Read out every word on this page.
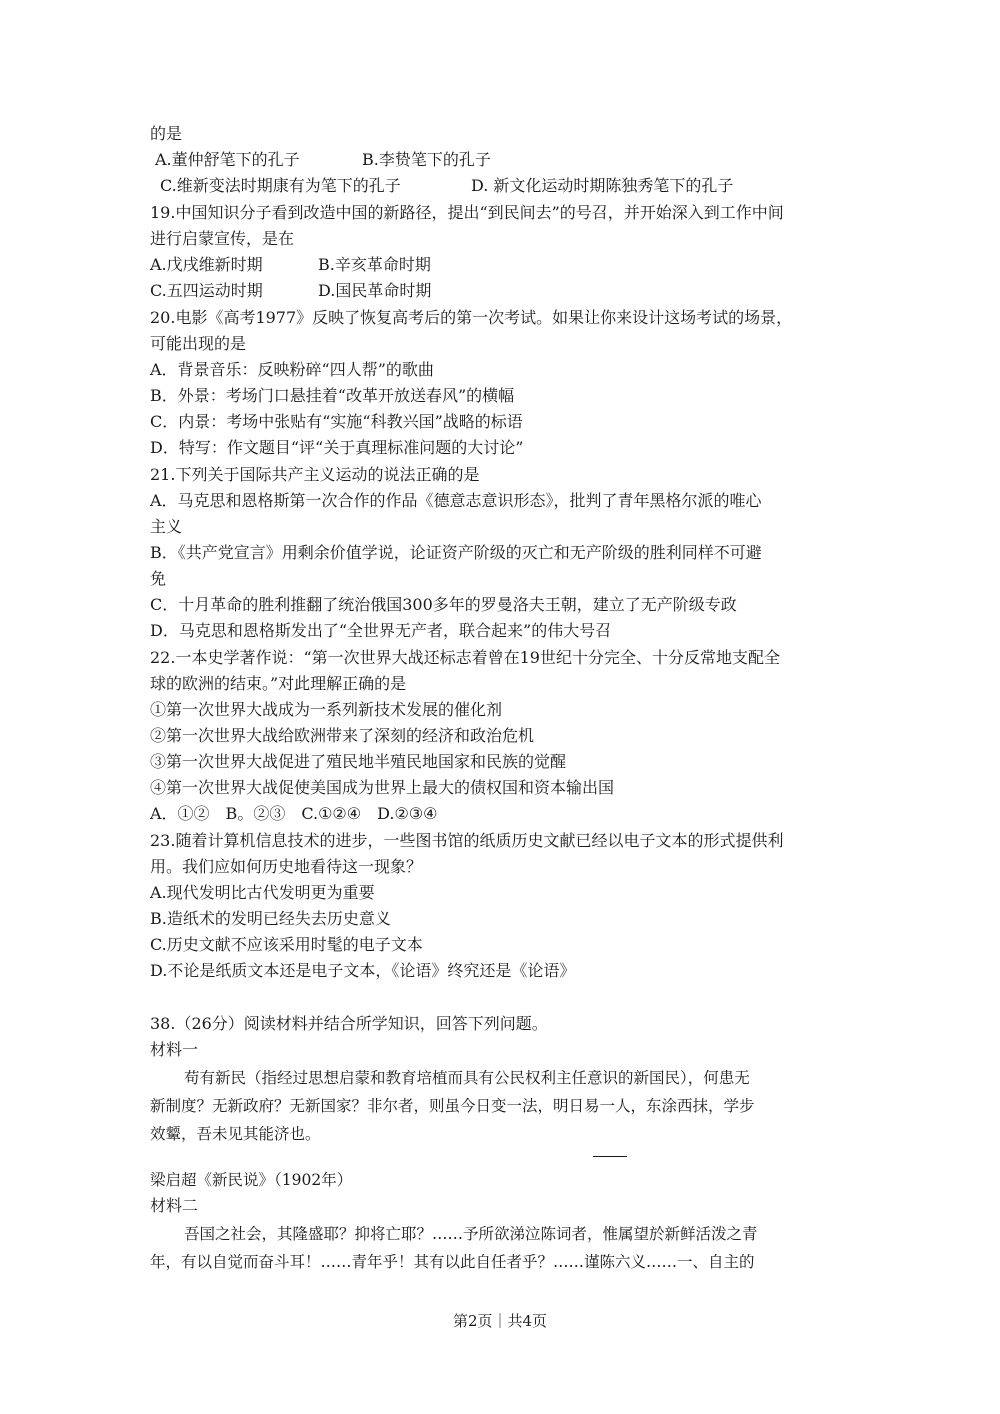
的是
A.董仲舒笔下的孔子	B.李贽笔下的孔子
C.维新变法时期康有为笔下的孔子	D. 新文化运动时期陈独秀笔下的孔子
19.中国知识分子看到改造中国的新路径，提出“到民间去”的号召，并开始深入到工作中间
进行启蒙宣传，是在
A.戊戌维新时期	B.辛亥革命时期
C.五四运动时期	D.国民革命时期
20.电影《高考1977》反映了恢复高考后的第一次考试。如果让你来设计这场考试的场景，
可能出现的是
A．背景音乐：反映粉碎“四人帮”的歌曲
B．外景：考场门口悬挂着“改革开放送春风”的横幅
C．内景：考场中张贴有“实施“科教兴国”战略的标语
D．特写：作文题目“评“关于真理标准问题的大讨论”
21.下列关于国际共产主义运动的说法正确的是
A．马克思和恩格斯第一次合作的作品《德意志意识形态》，批判了青年黑格尔派的唯心
主义
B．《共产党宣言》用剩余价值学说，论证资产阶级的灭亡和无产阶级的胜利同样不可避
免
C．十月革命的胜利推翻了统治俄国300多年的罗曼洛夫王朝，建立了无产阶级专政
D．马克思和恩格斯发出了“全世界无产者，联合起来”的伟大号召
22.一本史学著作说：“第一次世界大战还标志着曾在19世纪十分完全、十分反常地支配全
球的欧洲的结束。”对此理解正确的是
①第一次世界大战成为一系列新技术发展的催化剂
②第一次世界大战给欧洲带来了深刻的经济和政治危机
③第一次世界大战促进了殖民地半殖民地国家和民族的觉醒
④第一次世界大战促使美国成为世界上最大的债权国和资本输出国
A．①②　B。②③　C.①②④　D.②③④
23.随着计算机信息技术的进步，一些图书馆的纸质历史文献已经以电子文本的形式提供利
用。我们应如何历史地看待这一现象？
A.现代发明比古代发明更为重要
B.造纸术的发明已经失去历史意义
C.历史文献不应该采用时髦的电子文本
D.不论是纸质文本还是电子文本，《论语》终究还是《论语》
38.（26分）阅读材料并结合所学知识，回答下列问题。
材料一
苟有新民（指经过思想启蒙和教育培植而具有公民权利主任意识的新国民），何患无
新制度？无新政府？无新国家？非尔者，则虽今日变一法，明日易一人，东涂西抹，学步
效颦，吾未见其能济也。
梁启超《新民说》（1902年）
材料二
吾国之社会，其隆盛耶？抑将亡耶？……予所欲涕泣陈词者，惟属望於新鲜活泼之青
年，有以自觉而奋斗耳！……青年乎！其有以此自任者乎？……谨陈六义……一、自主的
第2页｜共4页
